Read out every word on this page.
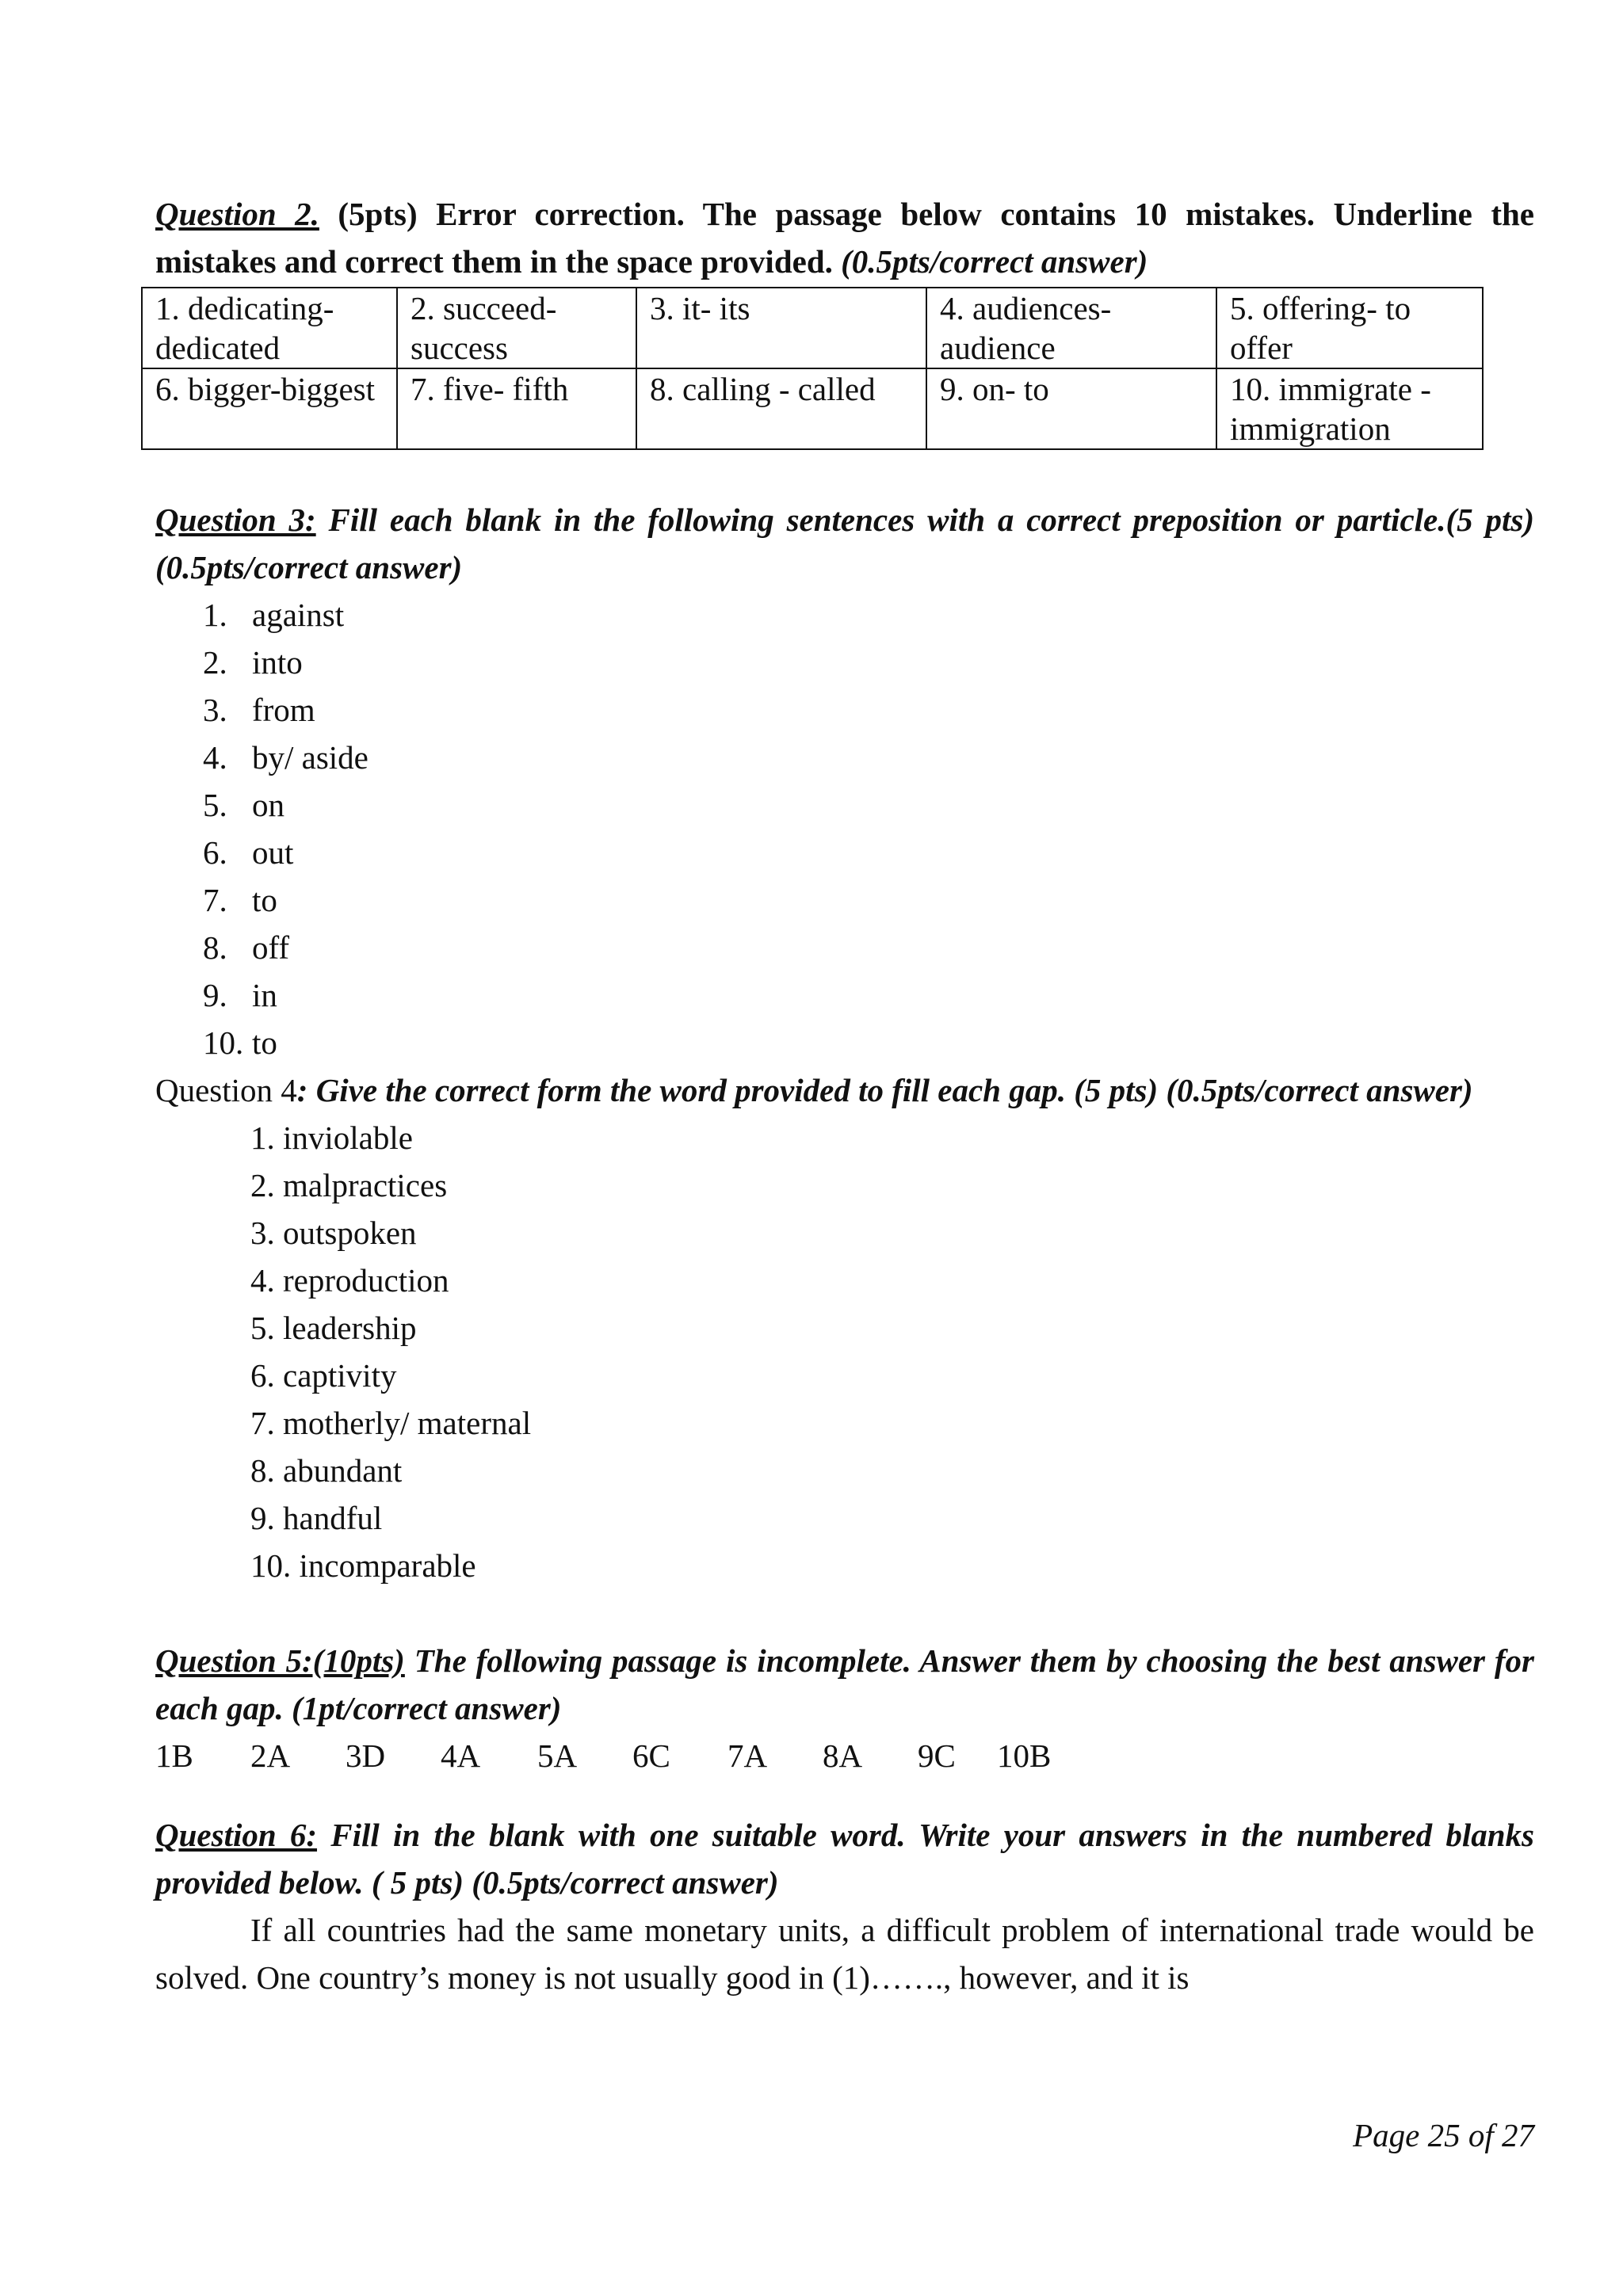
Question 2. (5pts) Error correction. The passage below contains 10 mistakes. Underline the mistakes and correct them in the space provided. (0.5pts/correct answer)

1. dedicating-dedicated	2. succeed-success	3. it- its	4. audiences-audience	5. offering- to offer
6. bigger-biggest	7. five- fifth	8. calling - called	9. on- to	10. immigrate - immigration

Question 3: Fill each blank in the following sentences with a correct preposition or particle.(5 pts) (0.5pts/correct answer)

1. against
2. into
3. from
4. by/ aside
5. on
6. out
7. to
8. off
9. in
10. to

Question 4: Give the correct form the word provided to fill each gap. (5 pts) (0.5pts/correct answer)

1. inviolable
2. malpractices
3. outspoken
4. reproduction
5. leadership
6. captivity
7. motherly/ maternal
8. abundant
9. handful
10. incomparable

Question 5:(10pts) The following passage is incomplete. Answer them by choosing the best answer for each gap. (1pt/correct answer)

1B	2A	3D	4A	5A	6C	7A	8A	9C	10B

Question 6: Fill in the blank with one suitable word. Write your answers in the numbered blanks provided below. ( 5 pts) (0.5pts/correct answer)

If all countries had the same monetary units, a difficult problem of international trade would be solved. One country’s money is not usually good in (1)……., however, and it is

Page 25 of 27
